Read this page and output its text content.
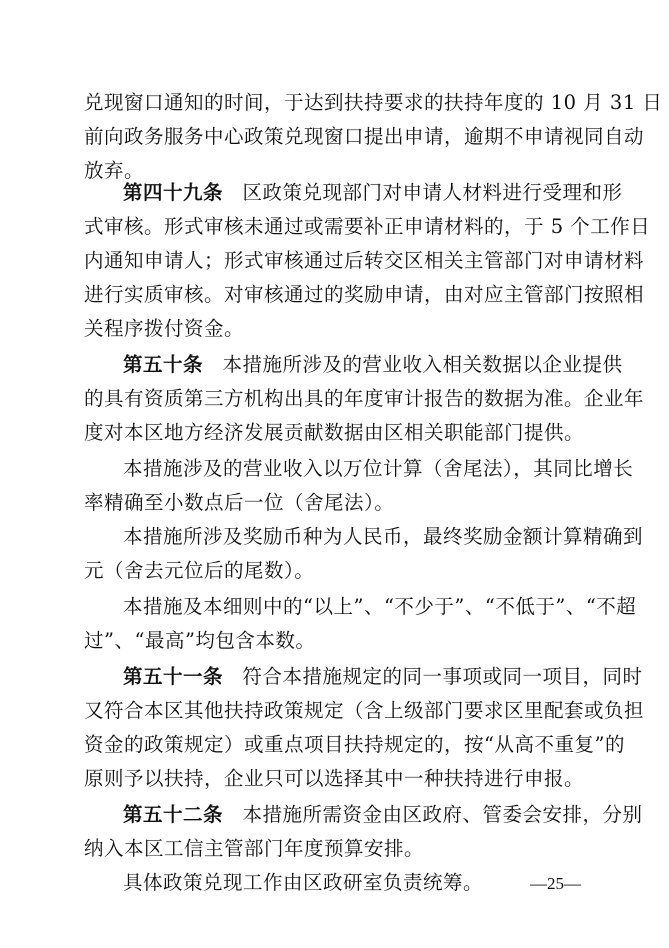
兑现窗口通知的时间，于达到扶持要求的扶持年度的 10 月 31 日
前向政务服务中心政策兑现窗口提出申请，逾期不申请视同自动
放弃。
第四十九条 区政策兑现部门对申请人材料进行受理和形
式审核。形式审核未通过或需要补正申请材料的，于 5 个工作日
内通知申请人；形式审核通过后转交区相关主管部门对申请材料
进行实质审核。对审核通过的奖励申请，由对应主管部门按照相
关程序拨付资金。
第五十条 本措施所涉及的营业收入相关数据以企业提供
的具有资质第三方机构出具的年度审计报告的数据为准。企业年
度对本区地方经济发展贡献数据由区相关职能部门提供。
本措施涉及的营业收入以万位计算（舍尾法），其同比增长
率精确至小数点后一位（舍尾法）。
本措施所涉及奖励币种为人民币，最终奖励金额计算精确到
元（舍去元位后的尾数）。
本措施及本细则中的“以上”、“不少于”、“不低于”、“不超
过”、“最高”均包含本数。
第五十一条 符合本措施规定的同一事项或同一项目，同时
又符合本区其他扶持政策规定（含上级部门要求区里配套或负担
资金的政策规定）或重点项目扶持规定的，按“从高不重复”的
原则予以扶持，企业只可以选择其中一种扶持进行申报。
第五十二条 本措施所需资金由区政府、管委会安排，分别
纳入本区工信主管部门年度预算安排。
具体政策兑现工作由区政研室负责统筹。	—25—
